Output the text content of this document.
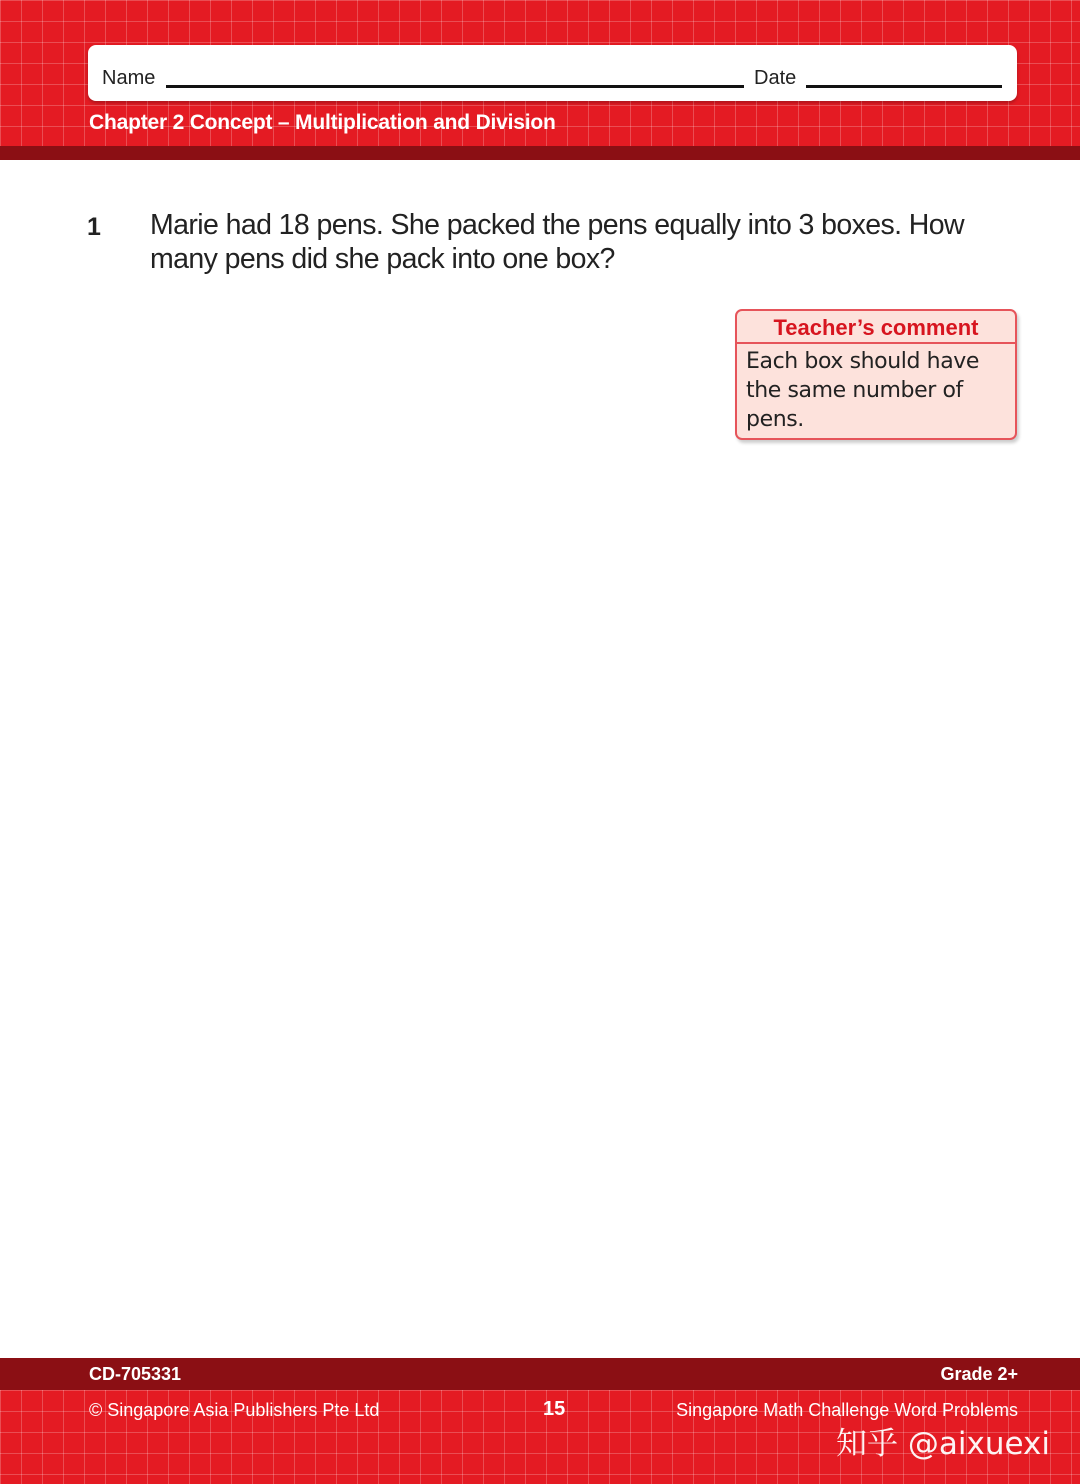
Name	Date
Chapter 2 Concept – Multiplication and Division
1 Marie had 18 pens. She packed the pens equally into 3 boxes. How many pens did she pack into one box?
Teacher’s comment
Each box should have the same number of pens.
CD-705331	Grade 2+
© Singapore Asia Publishers Pte Ltd	15	Singapore Math Challenge Word Problems
知乎 @aixuexi
